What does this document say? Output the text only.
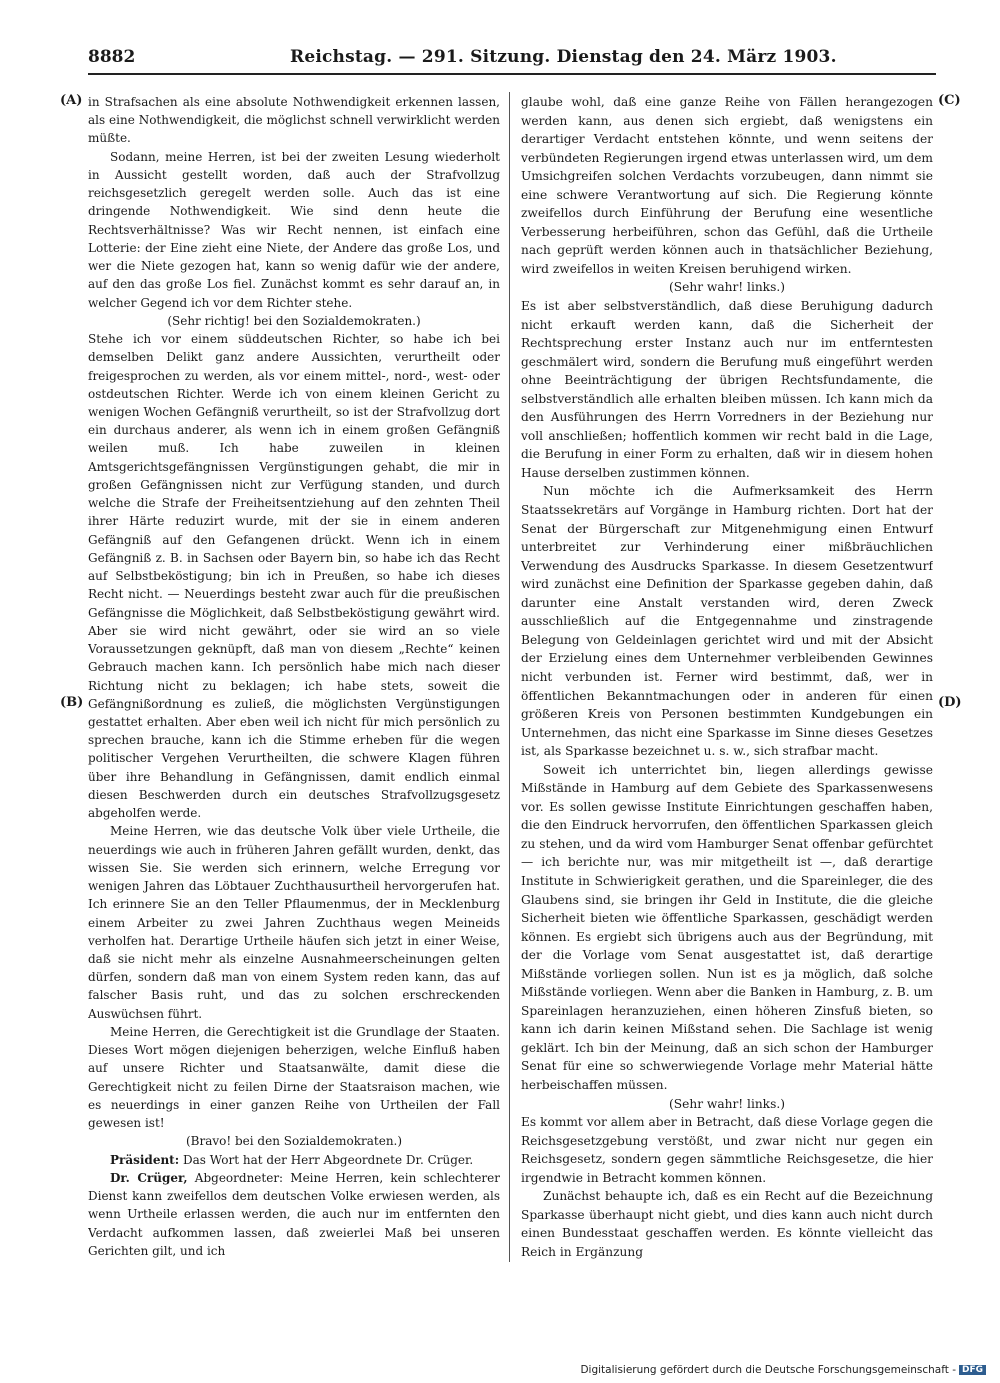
8882	Reichstag. — 291. Sitzung. Dienstag den 24. März 1903.
(A)
(B)
(C)
(D)

in Strafsachen als eine absolute Nothwendigkeit erkennen lassen, als eine Nothwendigkeit, die möglichst schnell verwirklicht werden müßte.

Sodann, meine Herren, ist bei der zweiten Lesung wiederholt in Aussicht gestellt worden, daß auch der Strafvollzug reichsgesetzlich geregelt werden solle. Auch das ist eine dringende Nothwendigkeit. Wie sind denn heute die Rechtsverhältnisse? Was wir Recht nennen, ist einfach eine Lotterie: der Eine zieht eine Niete, der Andere das große Los, und wer die Niete gezogen hat, kann so wenig dafür wie der andere, auf den das große Los fiel. Zunächst kommt es sehr darauf an, in welcher Gegend ich vor dem Richter stehe.

(Sehr richtig! bei den Sozialdemokraten.)

Stehe ich vor einem süddeutschen Richter, so habe ich bei demselben Delikt ganz andere Aussichten, verurtheilt oder freigesprochen zu werden, als vor einem mittel-, nord-, west- oder ostdeutschen Richter. Werde ich von einem kleinen Gericht zu wenigen Wochen Gefängniß verurtheilt, so ist der Strafvollzug dort ein durchaus anderer, als wenn ich in einem großen Gefängniß weilen muß. Ich habe zuweilen in kleinen Amtsgerichtsgefängnissen Vergünstigungen gehabt, die mir in großen Gefängnissen nicht zur Verfügung standen, und durch welche die Strafe der Freiheitsentziehung auf den zehnten Theil ihrer Härte reduzirt wurde, mit der sie in einem anderen Gefängniß auf den Gefangenen drückt. Wenn ich in einem Gefängniß z. B. in Sachsen oder Bayern bin, so habe ich das Recht auf Selbstbeköstigung; bin ich in Preußen, so habe ich dieses Recht nicht. — Neuerdings besteht zwar auch für die preußischen Gefängnisse die Möglichkeit, daß Selbstbeköstigung gewährt wird. Aber sie wird nicht gewährt, oder sie wird an so viele Voraussetzungen geknüpft, daß man von diesem „Rechte“ keinen Gebrauch machen kann. Ich persönlich habe mich nach dieser Richtung nicht zu beklagen; ich habe stets, soweit die Gefängnißordnung es zuließ, die möglichsten Vergünstigungen gestattet erhalten. Aber eben weil ich nicht für mich persönlich zu sprechen brauche, kann ich die Stimme erheben für die wegen politischer Vergehen Verurtheilten, die schwere Klagen führen über ihre Behandlung in Gefängnissen, damit endlich einmal diesen Beschwerden durch ein deutsches Strafvollzugsgesetz abgeholfen werde.

Meine Herren, wie das deutsche Volk über viele Urtheile, die neuerdings wie auch in früheren Jahren gefällt wurden, denkt, das wissen Sie. Sie werden sich erinnern, welche Erregung vor wenigen Jahren das Löbtauer Zuchthausurtheil hervorgerufen hat. Ich erinnere Sie an den Teller Pflaumenmus, der in Mecklenburg einem Arbeiter zu zwei Jahren Zuchthaus wegen Meineids verholfen hat. Derartige Urtheile häufen sich jetzt in einer Weise, daß sie nicht mehr als einzelne Ausnahmeerscheinungen gelten dürfen, sondern daß man von einem System reden kann, das auf falscher Basis ruht, und das zu solchen erschreckenden Auswüchsen führt.

Meine Herren, die Gerechtigkeit ist die Grundlage der Staaten. Dieses Wort mögen diejenigen beherzigen, welche Einfluß haben auf unsere Richter und Staatsanwälte, damit diese die Gerechtigkeit nicht zu feilen Dirne der Staatsraison machen, wie es neuerdings in einer ganzen Reihe von Urtheilen der Fall gewesen ist!

(Bravo! bei den Sozialdemokraten.)

Präsident: Das Wort hat der Herr Abgeordnete Dr. Crüger.

Dr. Crüger, Abgeordneter: Meine Herren, kein schlechterer Dienst kann zweifellos dem deutschen Volke erwiesen werden, als wenn Urtheile erlassen werden, die auch nur im entfernten den Verdacht aufkommen lassen, daß zweierlei Maß bei unseren Gerichten gilt, und ich

glaube wohl, daß eine ganze Reihe von Fällen herangezogen werden kann, aus denen sich ergiebt, daß wenigstens ein derartiger Verdacht entstehen könnte, und wenn seitens der verbündeten Regierungen irgend etwas unterlassen wird, um dem Umsichgreifen solchen Verdachts vorzubeugen, dann nimmt sie eine schwere Verantwortung auf sich. Die Regierung könnte zweifellos durch Einführung der Berufung eine wesentliche Verbesserung herbeiführen, schon das Gefühl, daß die Urtheile nach geprüft werden können auch in thatsächlicher Beziehung, wird zweifellos in weiten Kreisen beruhigend wirken.

(Sehr wahr! links.)

Es ist aber selbstverständlich, daß diese Beruhigung dadurch nicht erkauft werden kann, daß die Sicherheit der Rechtsprechung erster Instanz auch nur im entferntesten geschmälert wird, sondern die Berufung muß eingeführt werden ohne Beeinträchtigung der übrigen Rechtsfundamente, die selbstverständlich alle erhalten bleiben müssen. Ich kann mich da den Ausführungen des Herrn Vorredners in der Beziehung nur voll anschließen; hoffentlich kommen wir recht bald in die Lage, die Berufung in einer Form zu erhalten, daß wir in diesem hohen Hause derselben zustimmen können.

Nun möchte ich die Aufmerksamkeit des Herrn Staatssekretärs auf Vorgänge in Hamburg richten. Dort hat der Senat der Bürgerschaft zur Mitgenehmigung einen Entwurf unterbreitet zur Verhinderung einer mißbräuchlichen Verwendung des Ausdrucks Sparkasse. In diesem Gesetzentwurf wird zunächst eine Definition der Sparkasse gegeben dahin, daß darunter eine Anstalt verstanden wird, deren Zweck ausschließlich auf die Entgegennahme und zinstragende Belegung von Geldeinlagen gerichtet wird und mit der Absicht der Erzielung eines dem Unternehmer verbleibenden Gewinnes nicht verbunden ist. Ferner wird bestimmt, daß, wer in öffentlichen Bekanntmachungen oder in anderen für einen größeren Kreis von Personen bestimmten Kundgebungen ein Unternehmen, das nicht eine Sparkasse im Sinne dieses Gesetzes ist, als Sparkasse bezeichnet u. s. w., sich strafbar macht.

Soweit ich unterrichtet bin, liegen allerdings gewisse Mißstände in Hamburg auf dem Gebiete des Sparkassenwesens vor. Es sollen gewisse Institute Einrichtungen geschaffen haben, die den Eindruck hervorrufen, den öffentlichen Sparkassen gleich zu stehen, und da wird vom Hamburger Senat offenbar gefürchtet — ich berichte nur, was mir mitgetheilt ist —, daß derartige Institute in Schwierigkeit gerathen, und die Spareinleger, die des Glaubens sind, sie bringen ihr Geld in Institute, die die gleiche Sicherheit bieten wie öffentliche Sparkassen, geschädigt werden können. Es ergiebt sich übrigens auch aus der Begründung, mit der die Vorlage vom Senat ausgestattet ist, daß derartige Mißstände vorliegen sollen. Nun ist es ja möglich, daß solche Mißstände vorliegen. Wenn aber die Banken in Hamburg, z. B. um Spareinlagen heranzuziehen, einen höheren Zinsfuß bieten, so kann ich darin keinen Mißstand sehen. Die Sachlage ist wenig geklärt. Ich bin der Meinung, daß an sich schon der Hamburger Senat für eine so schwerwiegende Vorlage mehr Material hätte herbeischaffen müssen.

(Sehr wahr! links.)

Es kommt vor allem aber in Betracht, daß diese Vorlage gegen die Reichsgesetzgebung verstößt, und zwar nicht nur gegen ein Reichsgesetz, sondern gegen sämmtliche Reichsgesetze, die hier irgendwie in Betracht kommen können.

Zunächst behaupte ich, daß es ein Recht auf die Bezeichnung Sparkasse überhaupt nicht giebt, und dies kann auch nicht durch einen Bundesstaat geschaffen werden. Es könnte vielleicht das Reich in Ergänzung

Digitalisierung gefördert durch die Deutsche Forschungsgemeinschaft - DFG
